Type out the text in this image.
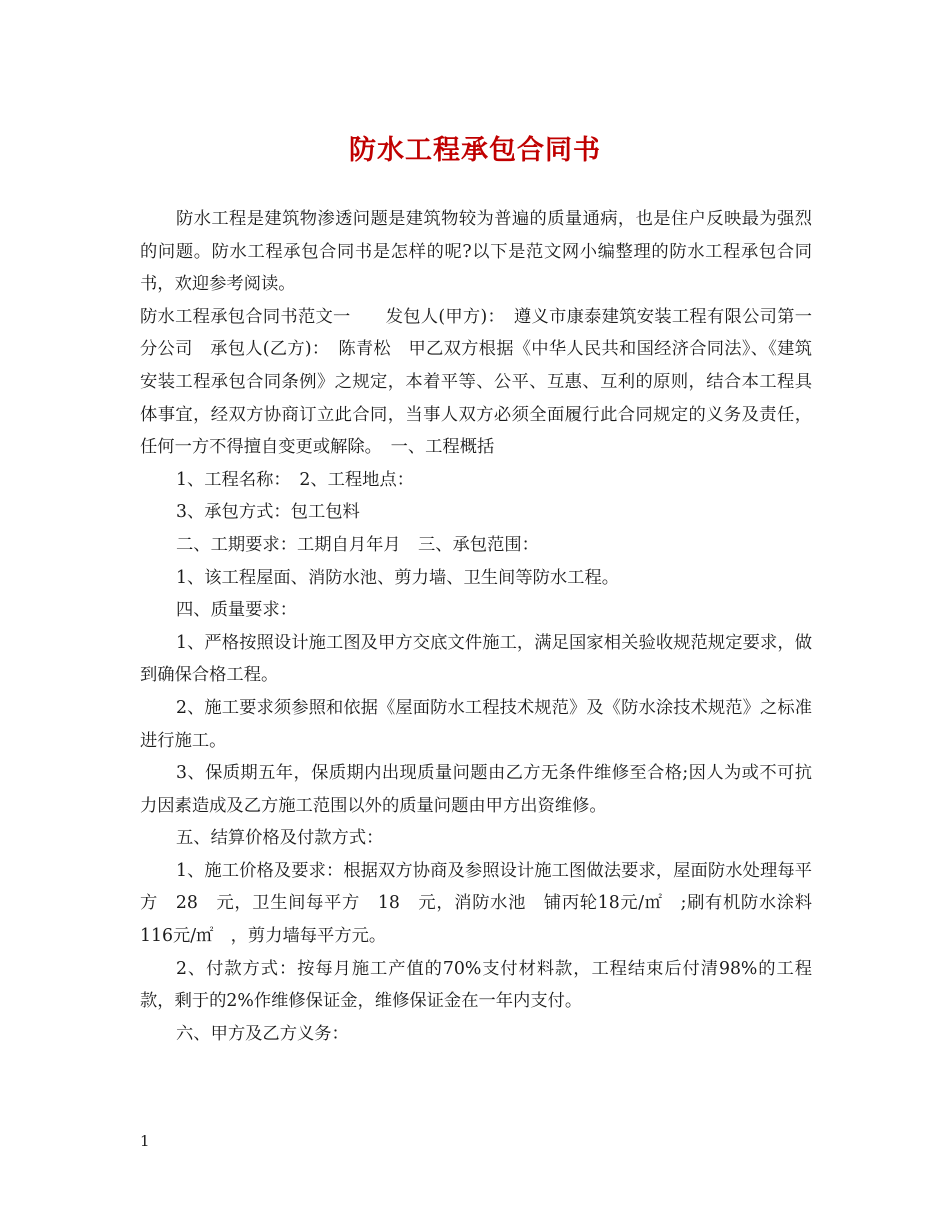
防水工程承包合同书

防水工程是建筑物渗透问题是建筑物较为普遍的质量通病，也是住户反映最为强烈的问题。防水工程承包合同书是怎样的呢?以下是范文网小编整理的防水工程承包合同书，欢迎参考阅读。

防水工程承包合同书范文一　　发包人(甲方)：　遵义市康泰建筑安装工程有限公司第一分公司　承包人(乙方)：　陈青松　甲乙双方根据《中华人民共和国经济合同法》、《建筑安装工程承包合同条例》之规定，本着平等、公平、互惠、互利的原则，结合本工程具体事宜，经双方协商订立此合同，当事人双方必须全面履行此合同规定的义务及责任，任何一方不得擅自变更或解除。　一、工程概括

1、工程名称：　2、工程地点：

3、承包方式：包工包料

二、工期要求：工期自月年月　三、承包范围：

1、该工程屋面、消防水池、剪力墙、卫生间等防水工程。

四、质量要求：

1、严格按照设计施工图及甲方交底文件施工，满足国家相关验收规范规定要求，做到确保合格工程。

2、施工要求须参照和依据《屋面防水工程技术规范》及《防水涂技术规范》之标准进行施工。

3、保质期五年，保质期内出现质量问题由乙方无条件维修至合格;因人为或不可抗力因素造成及乙方施工范围以外的质量问题由甲方出资维修。

五、结算价格及付款方式：

1、施工价格及要求：根据双方协商及参照设计施工图做法要求，屋面防水处理每平方　28　元，卫生间每平方　18　元，消防水池　铺丙轮18元/㎡　;刷有机防水涂料116元/㎡　，剪力墙每平方元。

2、付款方式：按每月施工产值的70%支付材料款，工程结束后付清98%的工程款，剩于的2%作维修保证金，维修保证金在一年内支付。

六、甲方及乙方义务：

1
